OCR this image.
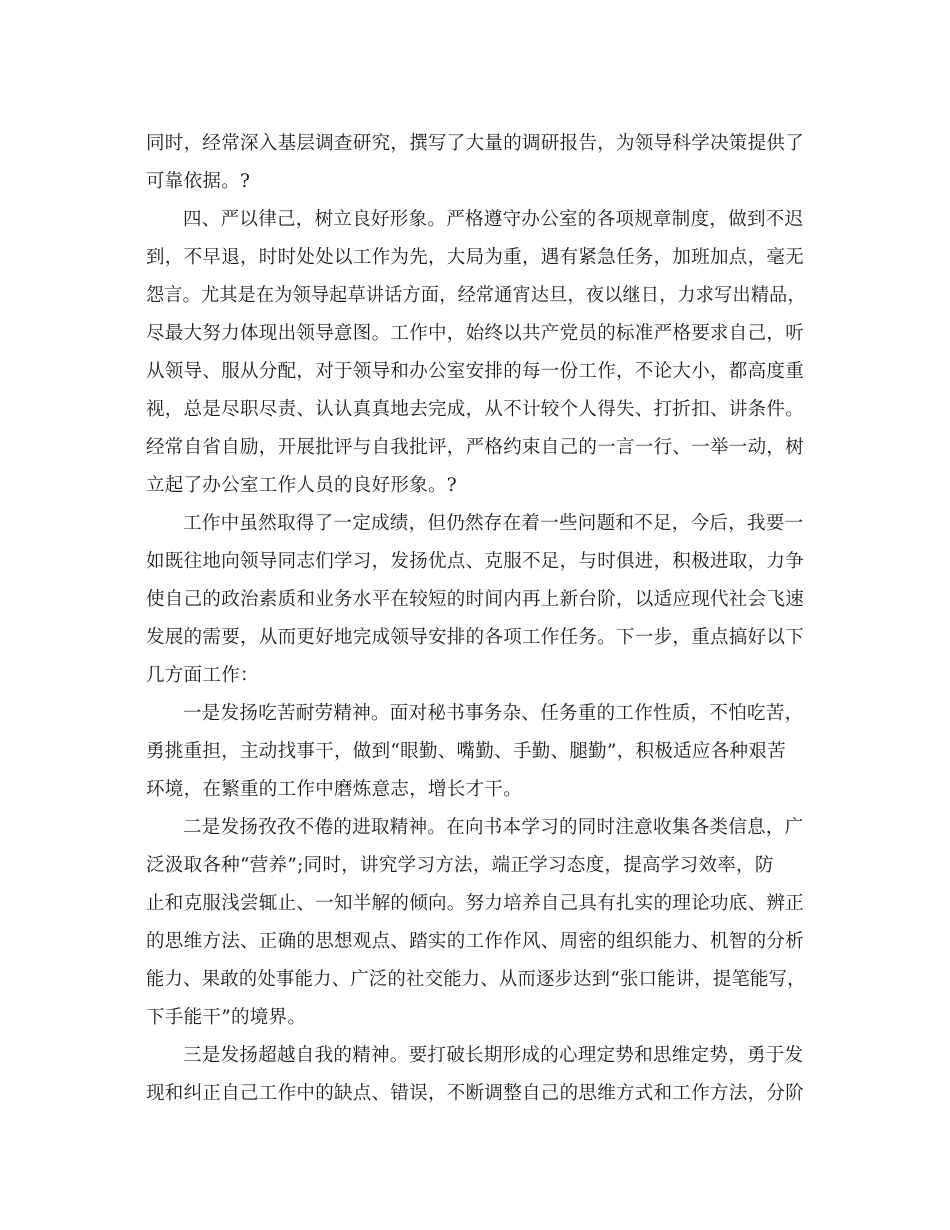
同时，经常深入基层调查研究，撰写了大量的调研报告，为领导科学决策提供了
可靠依据。?
四、严以律己，树立良好形象。严格遵守办公室的各项规章制度，做到不迟
到，不早退，时时处处以工作为先，大局为重，遇有紧急任务，加班加点，毫无
怨言。尤其是在为领导起草讲话方面，经常通宵达旦，夜以继日，力求写出精品，
尽最大努力体现出领导意图。工作中，始终以共产党员的标准严格要求自己，听
从领导、服从分配，对于领导和办公室安排的每一份工作，不论大小，都高度重
视，总是尽职尽责、认认真真地去完成，从不计较个人得失、打折扣、讲条件。
经常自省自励，开展批评与自我批评，严格约束自己的一言一行、一举一动，树
立起了办公室工作人员的良好形象。?
工作中虽然取得了一定成绩，但仍然存在着一些问题和不足，今后，我要一
如既往地向领导同志们学习，发扬优点、克服不足，与时俱进，积极进取，力争
使自己的政治素质和业务水平在较短的时间内再上新台阶，以适应现代社会飞速
发展的需要，从而更好地完成领导安排的各项工作任务。下一步，重点搞好以下
几方面工作：
一是发扬吃苦耐劳精神。面对秘书事务杂、任务重的工作性质，不怕吃苦，
勇挑重担，主动找事干，做到“眼勤、嘴勤、手勤、腿勤”，积极适应各种艰苦
环境，在繁重的工作中磨炼意志，增长才干。
二是发扬孜孜不倦的进取精神。在向书本学习的同时注意收集各类信息，广
泛汲取各种“营养”;同时，讲究学习方法，端正学习态度，提高学习效率，防
止和克服浅尝辄止、一知半解的倾向。努力培养自己具有扎实的理论功底、辨正
的思维方法、正确的思想观点、踏实的工作作风、周密的组织能力、机智的分析
能力、果敢的处事能力、广泛的社交能力、从而逐步达到“张口能讲，提笔能写，
下手能干”的境界。
三是发扬超越自我的精神。要打破长期形成的心理定势和思维定势，勇于发
现和纠正自己工作中的缺点、错误，不断调整自己的思维方式和工作方法，分阶
